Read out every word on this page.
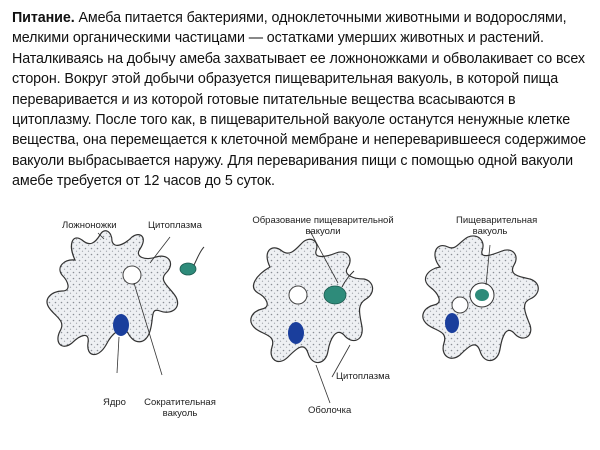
Питание. Амеба питается бактериями, одноклеточными животными и водорослями, мелкими органическими частицами — остатками умерших животных и растений. Наталкиваясь на добычу амеба захватывает ее ложноножками и обволакивает со всех сторон. Вокруг этой добычи образуется пищеварительная вакуоль, в которой пища переваривается и из которой готовые питательные вещества всасываются в цитоплазму. После того как, в пищеварительной вакуоле останутся ненужные клетке вещества, она перемещается к клеточной мембране и непереварившееся содержимое вакуоли выбрасывается наружу. Для переваривания пищи с помощью одной вакуоли амебе требуется от 12 часов до 5 суток.
Ложноножки	Цитоплазма	Образование пищеварительной вакуоли
Пищеварительная вакуоль
Ядро	Сократительная вакуоль
Цитоплазма
Оболочка
